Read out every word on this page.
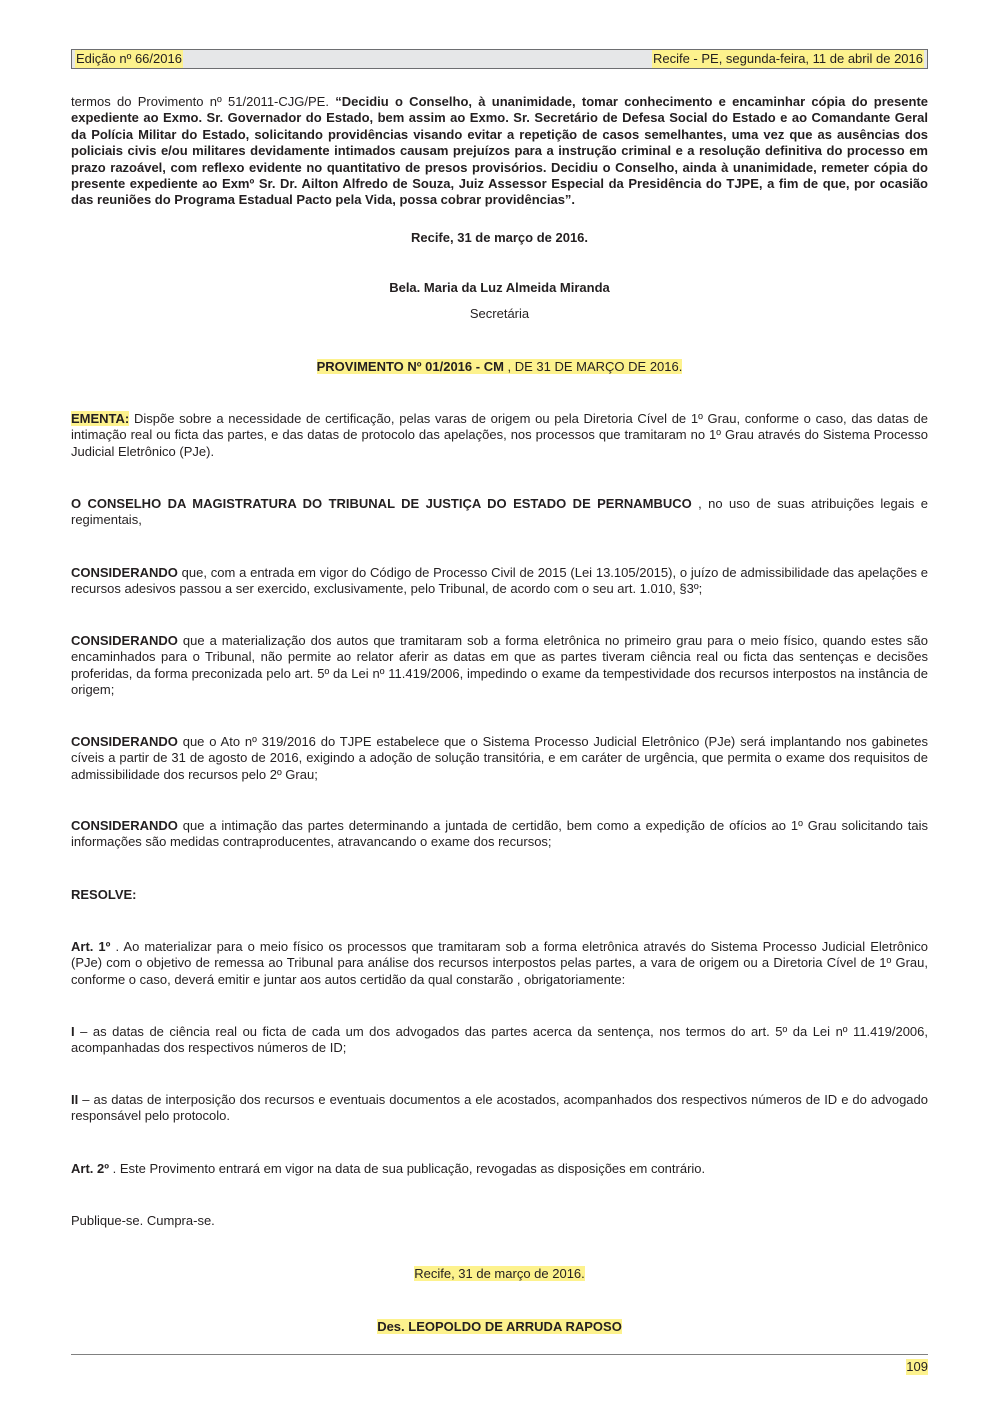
Edição nº 66/2016	Recife - PE, segunda-feira, 11 de abril de 2016

termos do Provimento nº 51/2011-CJG/PE. “Decidiu o Conselho, à unanimidade, tomar conhecimento e encaminhar cópia do presente expediente ao Exmo. Sr. Governador do Estado, bem assim ao Exmo. Sr. Secretário de Defesa Social do Estado e ao Comandante Geral da Polícia Militar do Estado, solicitando providências visando evitar a repetição de casos semelhantes, uma vez que as ausências dos policiais civis e/ou militares devidamente intimados causam prejuízos para a instrução criminal e a resolução definitiva do processo em prazo razoável, com reflexo evidente no quantitativo de presos provisórios. Decidiu o Conselho, ainda à unanimidade, remeter cópia do presente expediente ao Exmº Sr. Dr. Ailton Alfredo de Souza, Juiz Assessor Especial da Presidência do TJPE, a fim de que, por ocasião das reuniões do Programa Estadual Pacto pela Vida, possa cobrar providências”.

Recife, 31 de março de 2016.

Bela. Maria da Luz Almeida Miranda

Secretária

PROVIMENTO Nº 01/2016 - CM , DE 31 DE MARÇO DE 2016.

EMENTA: Dispõe sobre a necessidade de certificação, pelas varas de origem ou pela Diretoria Cível de 1º Grau, conforme o caso, das datas de intimação real ou ficta das partes, e das datas de protocolo das apelações, nos processos que tramitaram no 1º Grau através do Sistema Processo Judicial Eletrônico (PJe).

O CONSELHO DA MAGISTRATURA DO TRIBUNAL DE JUSTIÇA DO ESTADO DE PERNAMBUCO , no uso de suas atribuições legais e regimentais,

CONSIDERANDO que, com a entrada em vigor do Código de Processo Civil de 2015 (Lei 13.105/2015), o juízo de admissibilidade das apelações e recursos adesivos passou a ser exercido, exclusivamente, pelo Tribunal, de acordo com o seu art. 1.010, §3º;

CONSIDERANDO que a materialização dos autos que tramitaram sob a forma eletrônica no primeiro grau para o meio físico, quando estes são encaminhados para o Tribunal, não permite ao relator aferir as datas em que as partes tiveram ciência real ou ficta das sentenças e decisões proferidas, da forma preconizada pelo art. 5º da Lei nº 11.419/2006, impedindo o exame da tempestividade dos recursos interpostos na instância de origem;

CONSIDERANDO que o Ato nº 319/2016 do TJPE estabelece que o Sistema Processo Judicial Eletrônico (PJe) será implantando nos gabinetes cíveis a partir de 31 de agosto de 2016, exigindo a adoção de solução transitória, e em caráter de urgência, que permita o exame dos requisitos de admissibilidade dos recursos pelo 2º Grau;

CONSIDERANDO que a intimação das partes determinando a juntada de certidão, bem como a expedição de ofícios ao 1º Grau solicitando tais informações são medidas contraproducentes, atravancando o exame dos recursos;

RESOLVE:

Art. 1º . Ao materializar para o meio físico os processos que tramitaram sob a forma eletrônica através do Sistema Processo Judicial Eletrônico (PJe) com o objetivo de remessa ao Tribunal para análise dos recursos interpostos pelas partes, a vara de origem ou a Diretoria Cível de 1º Grau, conforme o caso, deverá emitir e juntar aos autos certidão da qual constarão , obrigatoriamente:

I – as datas de ciência real ou ficta de cada um dos advogados das partes acerca da sentença, nos termos do art. 5º da Lei nº 11.419/2006, acompanhadas dos respectivos números de ID;

II – as datas de interposição dos recursos e eventuais documentos a ele acostados, acompanhados dos respectivos números de ID e do advogado responsável pelo protocolo.

Art. 2º . Este Provimento entrará em vigor na data de sua publicação, revogadas as disposições em contrário.

Publique-se. Cumpra-se.

Recife, 31 de março de 2016.

Des. LEOPOLDO DE ARRUDA RAPOSO

109
